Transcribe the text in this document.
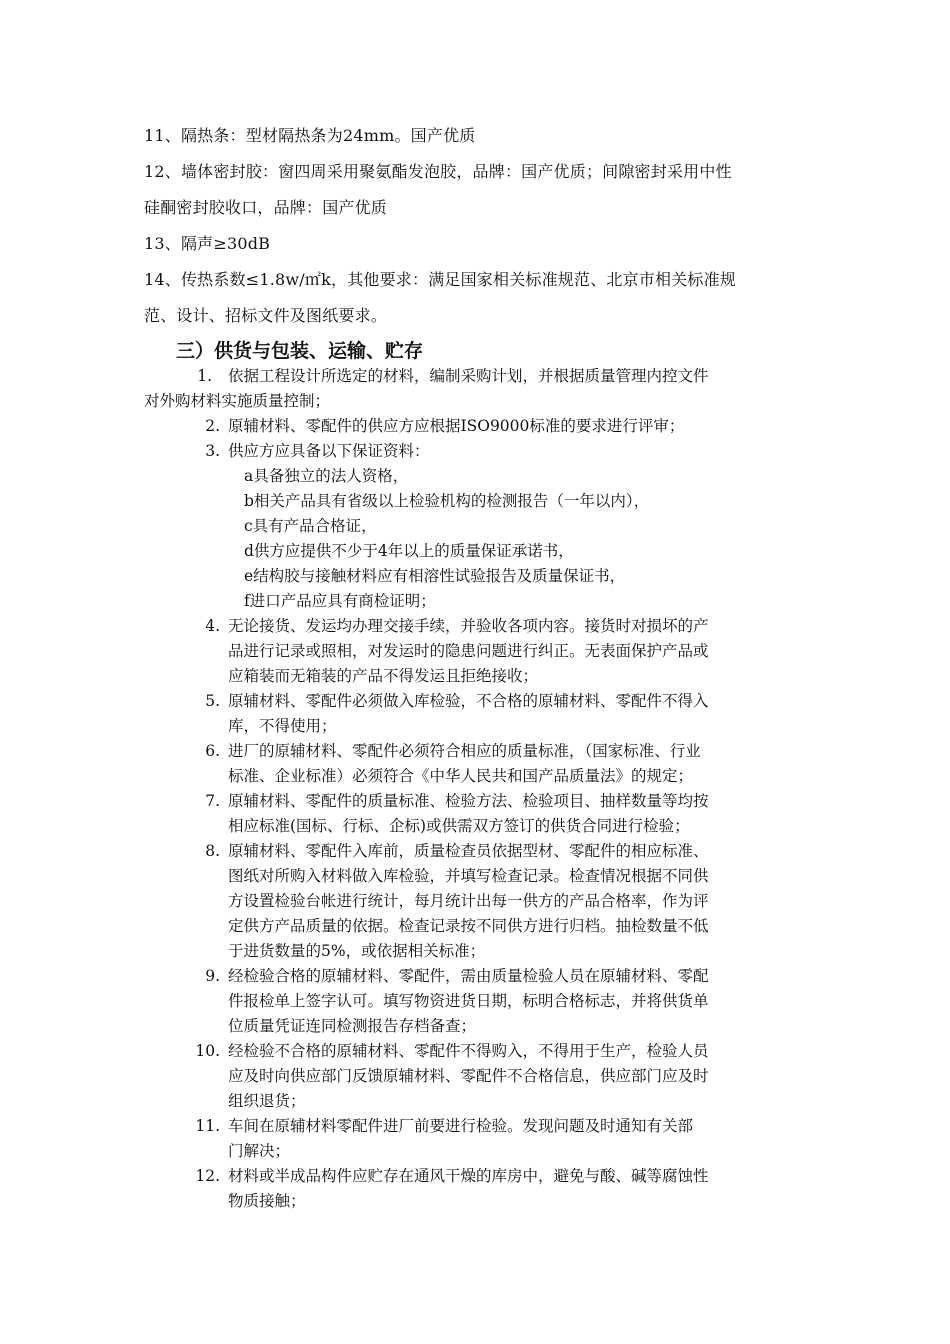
11、隔热条：型材隔热条为24mm。国产优质

12、墙体密封胶：窗四周采用聚氨酯发泡胶，品牌：国产优质；间隙密封采用中性

硅酮密封胶收口，品牌：国产优质

13、隔声≥30dB

14、传热系数≤1.8w/㎡k，其他要求：满足国家相关标准规范、北京市相关标准规

范、设计、招标文件及图纸要求。

三）供货与包装、运输、贮存
1. 依据工程设计所选定的材料，编制采购计划，并根据质量管理内控文件
对外购材料实施质量控制；
2. 原辅材料、零配件的供应方应根据ISO9000标准的要求进行评审；
3. 供应方应具备以下保证资料：
a具备独立的法人资格，
b相关产品具有省级以上检验机构的检测报告（一年以内），
c具有产品合格证，
d供方应提供不少于4年以上的质量保证承诺书，
e结构胶与接触材料应有相溶性试验报告及质量保证书，
f进口产品应具有商检证明；
4. 无论接货、发运均办理交接手续，并验收各项内容。接货时对损坏的产
品进行记录或照相，对发运时的隐患问题进行纠正。无表面保护产品或
应箱装而无箱装的产品不得发运且拒绝接收；
5. 原辅材料、零配件必须做入库检验，不合格的原辅材料、零配件不得入
库，不得使用；
6. 进厂的原辅材料、零配件必须符合相应的质量标准，（国家标准、行业
标准、企业标准）必须符合《中华人民共和国产品质量法》的规定；
7. 原辅材料、零配件的质量标准、检验方法、检验项目、抽样数量等均按
相应标准(国标、行标、企标)或供需双方签订的供货合同进行检验；
8. 原辅材料、零配件入库前，质量检查员依据型材、零配件的相应标准、
图纸对所购入材料做入库检验，并填写检查记录。检查情况根据不同供
方设置检验台帐进行统计，每月统计出每一供方的产品合格率，作为评
定供方产品质量的依据。检查记录按不同供方进行归档。抽检数量不低
于进货数量的5%，或依据相关标准；
9. 经检验合格的原辅材料、零配件，需由质量检验人员在原辅材料、零配
件报检单上签字认可。填写物资进货日期，标明合格标志，并将供货单
位质量凭证连同检测报告存档备查；
10. 经检验不合格的原辅材料、零配件不得购入，不得用于生产，检验人员
应及时向供应部门反馈原辅材料、零配件不合格信息，供应部门应及时
组织退货；
11. 车间在原辅材料零配件进厂前要进行检验。发现问题及时通知有关部
门解决；
12. 材料或半成品构件应贮存在通风干燥的库房中，避免与酸、碱等腐蚀性
物质接触；
